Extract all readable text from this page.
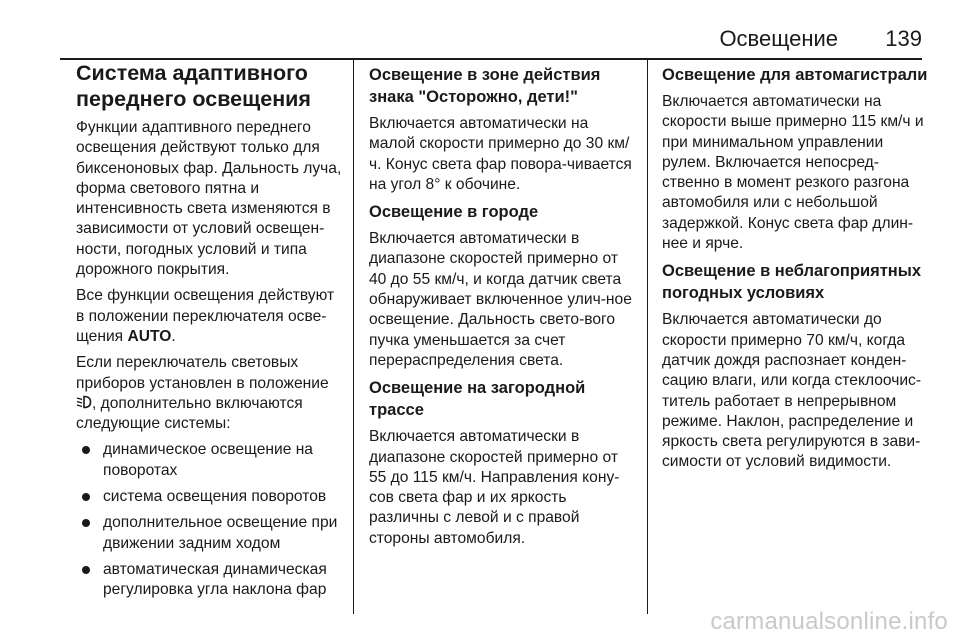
Освещение 139
Система адаптивного переднего освещения

Функции адаптивного переднего освещения действуют только для биксеноновых фар. Дальность луча, форма светового пятна и интенсивность света изменяются в зависимости от условий освещен-ности, погодных условий и типа дорожного покрытия.

Все функции освещения действуют в положении переключателя осве-щения AUTO.

Если переключатель световых приборов установлен в положение , дополнительно включаются следующие системы:

динамическое освещение на поворотах
система освещения поворотов
дополнительное освещение при движении задним ходом
автоматическая динамическая регулировка угла наклона фар
Освещение в зоне действия знака "Осторожно, дети!"

Включается автоматически на малой скорости примерно до 30 км/ч. Конус света фар повора-чивается на угол 8° к обочине.

Освещение в городе

Включается автоматически в диапазоне скоростей примерно от 40 до 55 км/ч, и когда датчик света обнаруживает включенное улич-ное освещение. Дальность свето-вого пучка уменьшается за счет перераспределения света.

Освещение на загородной трассе

Включается автоматически в диапазоне скоростей примерно от 55 до 115 км/ч. Направления кону-сов света фар и их яркость различны с левой и с правой стороны автомобиля.

Освещение для автомагистрали

Включается автоматически на скорости выше примерно 115 км/ч и при минимальном управлении рулем. Включается непосред-ственно в момент резкого разгона автомобиля или с небольшой задержкой. Конус света фар длин-нее и ярче.

Освещение в неблагоприятных погодных условиях

Включается автоматически до скорости примерно 70 км/ч, когда датчик дождя распознает конден-сацию влаги, или когда стеклоочис-титель работает в непрерывном режиме. Наклон, распределение и яркость света регулируются в зави-симости от условий видимости.

carmanualsonline.info
